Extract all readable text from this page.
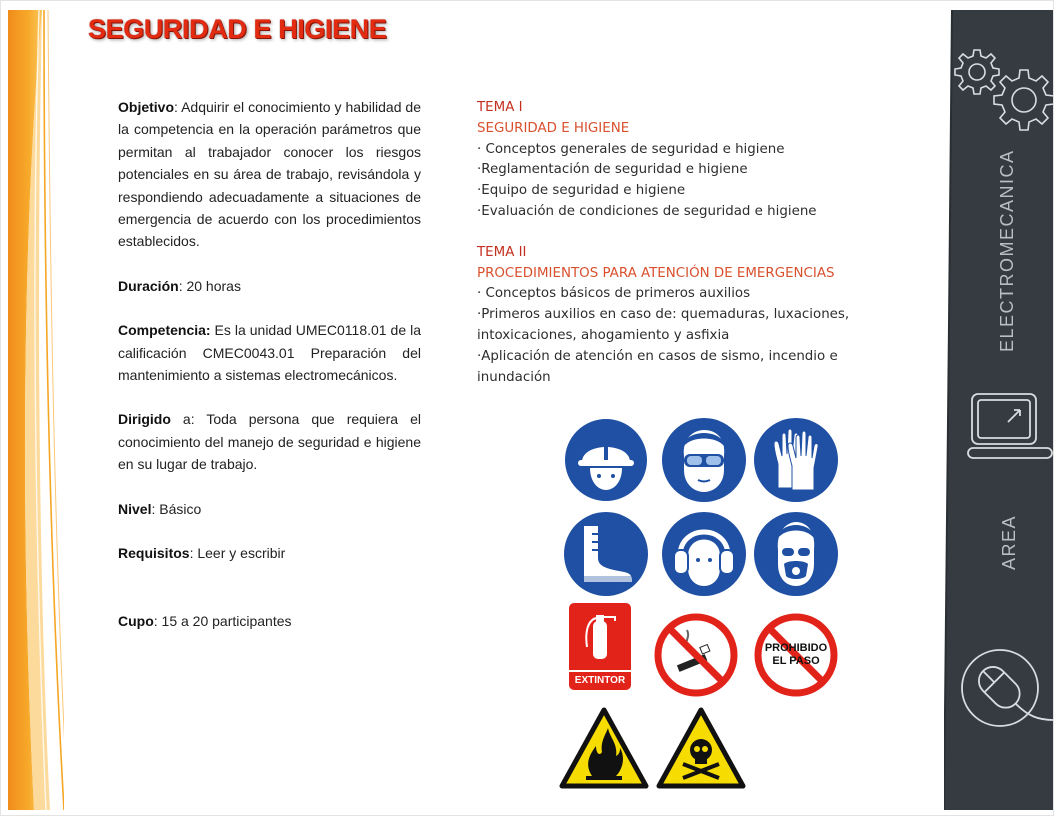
SEGURIDAD E HIGIENE

Objetivo: Adquirir el conocimiento y habilidad de la competencia en la operación parámetros que permitan al trabajador conocer los riesgos potenciales en su área de trabajo, revisándola y respondiendo adecuadamente a situaciones de emergencia de acuerdo con los procedimientos establecidos.

Duración: 20 horas

Competencia: Es la unidad UMEC0118.01 de la calificación CMEC0043.01 Preparación del mantenimiento a sistemas electromecánicos.

Dirigido a: Toda persona que requiera el conocimiento del manejo de seguridad e higiene en su lugar de trabajo.

Nivel: Básico

Requisitos: Leer y escribir

Cupo: 15 a 20 participantes

TEMA I
SEGURIDAD E HIGIENE
· Conceptos generales de seguridad e higiene
·Reglamentación de seguridad e higiene
·Equipo de seguridad e higiene
·Evaluación de condiciones de seguridad e higiene
TEMA II
PROCEDIMIENTOS PARA ATENCIÓN DE EMERGENCIAS
· Conceptos básicos de primeros auxilios
·Primeros auxilios en caso de: quemaduras, luxaciones, intoxicaciones, ahogamiento y asfixia
·Aplicación de atención en casos de sismo, incendio e inundación
EXTINTOR
PROHIBIDO
EL PASO
ELECTROMECANICA
AREA
